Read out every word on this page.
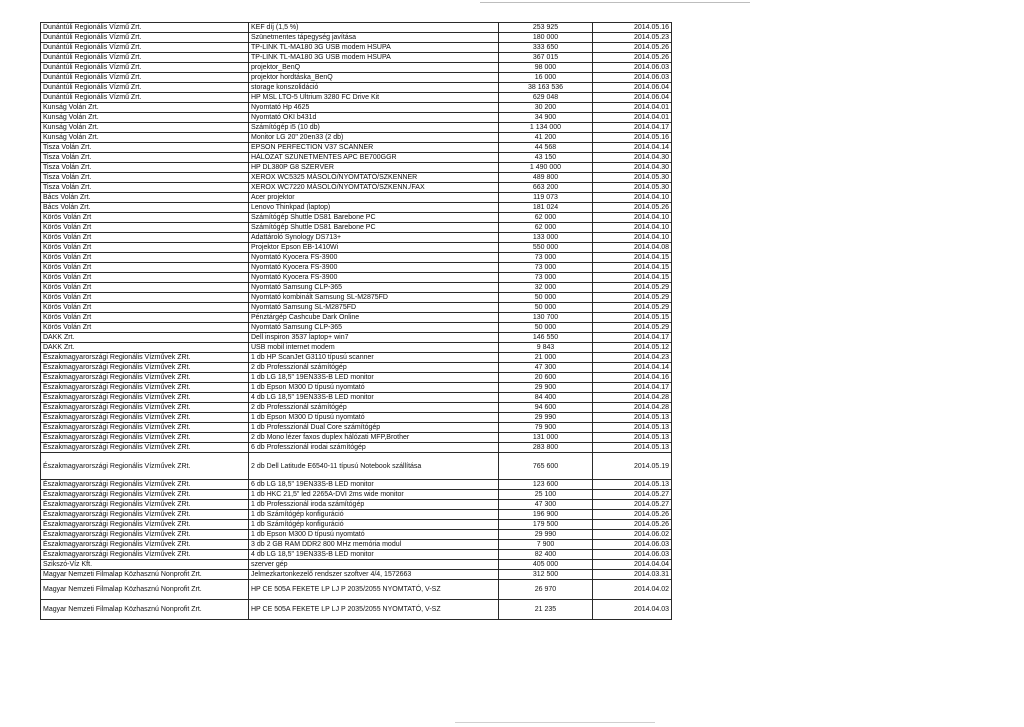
Dunántúli Regionális Vízmű Zrt.	KEF díj (1,5 %)	253 925	2014.05.16
Dunántúli Regionális Vízmű Zrt.	Szünetmentes tápegység javítása	180 000	2014.05.23
Dunántúli Regionális Vízmű Zrt.	TP-LINK TL-MA180 3G USB modem HSUPA	333 650	2014.05.26
Dunántúli Regionális Vízmű Zrt.	TP-LINK TL-MA180 3G USB modem HSUPA	367 015	2014.05.26
Dunántúli Regionális Vízmű Zrt.	projektor_BenQ	98 000	2014.06.03
Dunántúli Regionális Vízmű Zrt.	projektor hordtáska_BenQ	16 000	2014.06.03
Dunántúli Regionális Vízmű Zrt.	storage konszolidáció	38 163 536	2014.06.04
Dunántúli Regionális Vízmű Zrt.	HP MSL LTO-5 Ultrium 3280 FC Drive Kit	629 048	2014.06.04
Kunság Volán Zrt.	Nyomtató Hp 4625	30 200	2014.04.01
Kunság Volán Zrt.	Nyomtató OKI b431d	34 900	2014.04.01
Kunság Volán Zrt.	Számítógép i5 (10 db)	1 134 000	2014.04.17
Kunság Volán Zrt.	Monitor LG 20" 20en33 (2 db)	41 200	2014.05.16
Tisza Volán Zrt.	EPSON PERFECTION V37 SCANNER	44 568	2014.04.14
Tisza Volán Zrt.	HÁLÓZAT SZÜNETMENTES APC BE700GGR	43 150	2014.04.30
Tisza Volán Zrt.	HP DL380P G8 SZERVER	1 490 000	2014.04.30
Tisza Volán Zrt.	XEROX WC5325 MÁSOLÓ/NYOMTATÓ/SZKENNER	489 800	2014.05.30
Tisza Volán Zrt.	XEROX WC7220 MÁSOLÓ/NYOMTATÓ/SZKENN./FAX	663 200	2014.05.30
Bács Volán Zrt.	Acer projektor	119 073	2014.04.10
Bács Volán Zrt.	Lenovo Thinkpad (laptop)	181 024	2014.05.26
Körös Volán Zrt	Számítógép Shuttle DS81 Barebone PC	62 000	2014.04.10
Körös Volán Zrt	Számítógép Shuttle DS81 Barebone PC	62 000	2014.04.10
Körös Volán Zrt	Adattároló Synology DS713+	133 000	2014.04.10
Körös Volán Zrt	Projektor Epson EB-1410Wi	550 000	2014.04.08
Körös Volán Zrt	Nyomtató Kyocera FS-3900	73 000	2014.04.15
Körös Volán Zrt	Nyomtató Kyocera FS-3900	73 000	2014.04.15
Körös Volán Zrt	Nyomtató Kyocera FS-3900	73 000	2014.04.15
Körös Volán Zrt	Nyomtató Samsung CLP-365	32 000	2014.05.29
Körös Volán Zrt	Nyomtató kombinált Samsung SL-M2875FD	50 000	2014.05.29
Körös Volán Zrt	Nyomtató Samsung SL-M2875FD	50 000	2014.05.29
Körös Volán Zrt	Pénztárgép Cashcube Dark Online	130 700	2014.05.15
Körös Volán Zrt	Nyomtató Samsung CLP-365	50 000	2014.05.29
DAKK Zrt.	Dell inspiron 3537 laptop+ win7	146 550	2014.04.17
DAKK Zrt.	USB mobil internet modem	9 843	2014.05.12
Északmagyarországi Regionális Vízművek ZRt.	1 db HP ScanJet G3110 típusú scanner	21 000	2014.04.23
Északmagyarországi Regionális Vízművek ZRt.	2 db Professzionál számítógép	47 300	2014.04.14
Északmagyarországi Regionális Vízművek ZRt.	1 db LG 18,5" 19EN33S-B LED monitor	20 600	2014.04.16
Északmagyarországi Regionális Vízművek ZRt.	1 db Epson M300 D típusú nyomtató	29 900	2014.04.17
Északmagyarországi Regionális Vízművek ZRt.	4 db LG 18,5" 19EN33S-B LED monitor	84 400	2014.04.28
Északmagyarországi Regionális Vízművek ZRt.	2 db Professzionál számítógép	94 600	2014.04.28
Északmagyarországi Regionális Vízművek ZRt.	1 db Epson M300 D típusú nyomtató	29 990	2014.05.13
Északmagyarországi Regionális Vízművek ZRt.	1 db Professzionál Dual Core számítógép	79 900	2014.05.13
Északmagyarországi Regionális Vízművek ZRt.	2 db Mono lézer faxos duplex hálózati MFP,Brother	131 000	2014.05.13
Északmagyarországi Regionális Vízművek ZRt.	6 db Professzionál irodai számítógép	283 800	2014.05.13
Északmagyarországi Regionális Vízművek ZRt.	2 db Dell Latitude E6540-11 típusú Notebook szállítása	765 600	2014.05.19
Északmagyarországi Regionális Vízművek ZRt.	6 db LG 18,5" 19EN33S-B LED monitor	123 600	2014.05.13
Északmagyarországi Regionális Vízművek ZRt.	1 db HKC 21,5" led 2265A-DVI 2ms wide monitor	25 100	2014.05.27
Északmagyarországi Regionális Vízművek ZRt.	1 db Professzionál iroda számítógép	47 300	2014.05.27
Északmagyarországi Regionális Vízművek ZRt.	1 db Számítógép konfiguráció	196 900	2014.05.26
Északmagyarországi Regionális Vízművek ZRt.	1 db Számítógép konfiguráció	179 500	2014.05.26
Északmagyarországi Regionális Vízművek ZRt.	1 db Epson M300 D típusú nyomtató	29 990	2014.06.02
Északmagyarországi Regionális Vízművek ZRt.	3 db 2 GB RAM DDR2 800 MHz memória modul	7 900	2014.06.03
Északmagyarországi Regionális Vízművek ZRt.	4 db LG 18,5" 19EN33S-B LED monitor	82 400	2014.06.03
Szikszó-Víz Kft.	szerver gép	405 000	2014.04.04
Magyar Nemzeti Filmalap Közhasznú Nonprofit Zrt.	Jelmezkartonkezelő rendszer szoftver 4/4, 1572663	312 500	2014.03.31
Magyar Nemzeti Filmalap Közhasznú Nonprofit Zrt.	HP CE 505A FEKETE LP LJ P 2035/2055 NYOMTATÓ, V-SZ	26 970	2014.04.02
Magyar Nemzeti Filmalap Közhasznú Nonprofit Zrt.	HP CE 505A FEKETE LP LJ P 2035/2055 NYOMTATÓ, V-SZ	21 235	2014.04.03
